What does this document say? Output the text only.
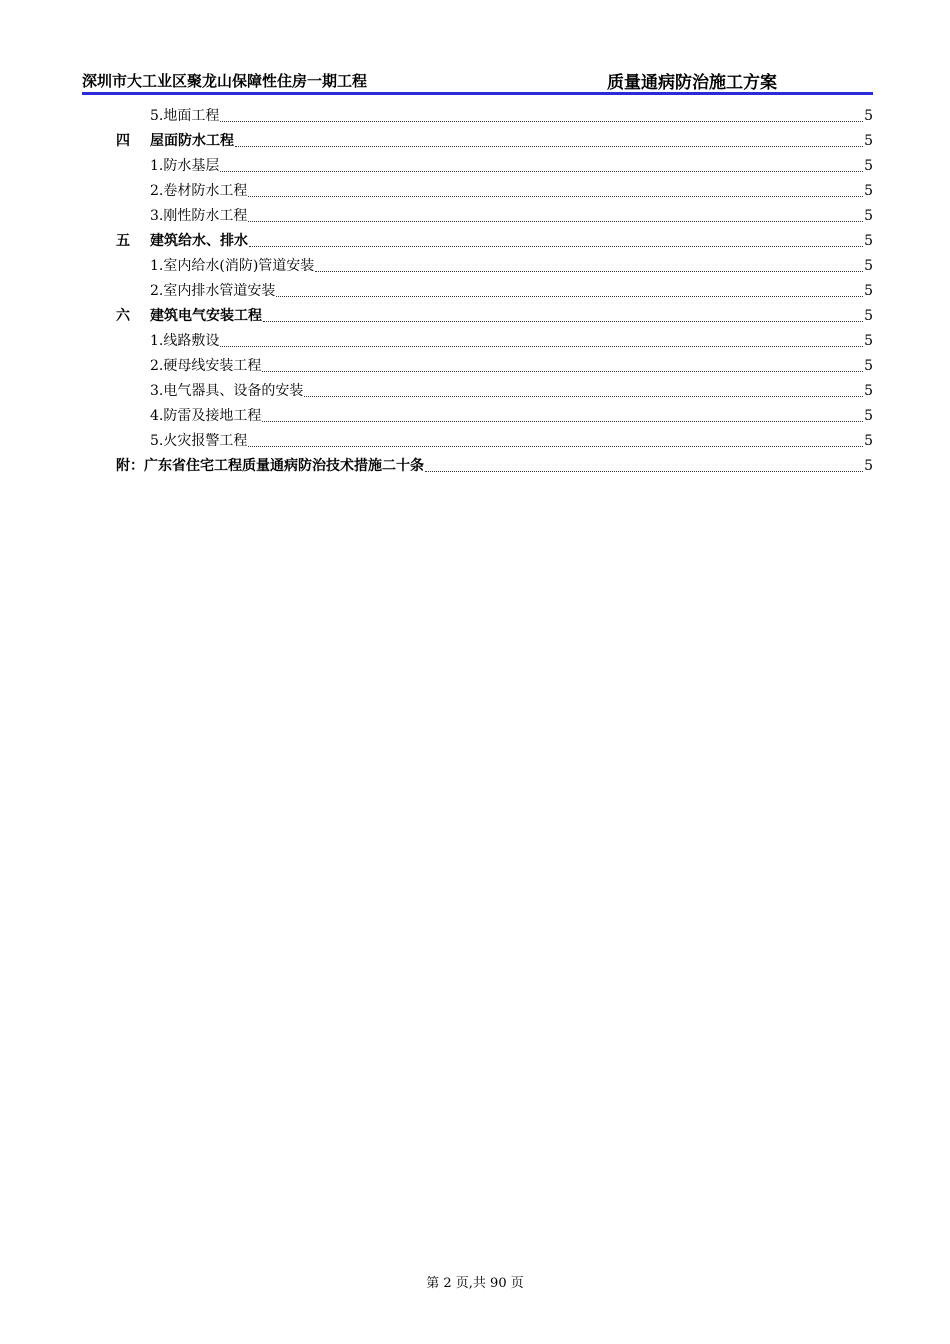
深圳市大工业区聚龙山保障性住房一期工程	质量通病防治施工方案
5.地面工程	5
四	屋面防水工程	5
1.防水基层	5
2.卷材防水工程	5
3.刚性防水工程	5
五	建筑给水、排水	5
1.室内给水(消防)管道安装	5
2.室内排水管道安装	5
六	建筑电气安装工程	5
1.线路敷设	5
2.硬母线安装工程	5
3.电气器具、设备的安装	5
4.防雷及接地工程	5
5.火灾报警工程	5
附：广东省住宅工程质量通病防治技术措施二十条	5
第 2 页,共 90 页
